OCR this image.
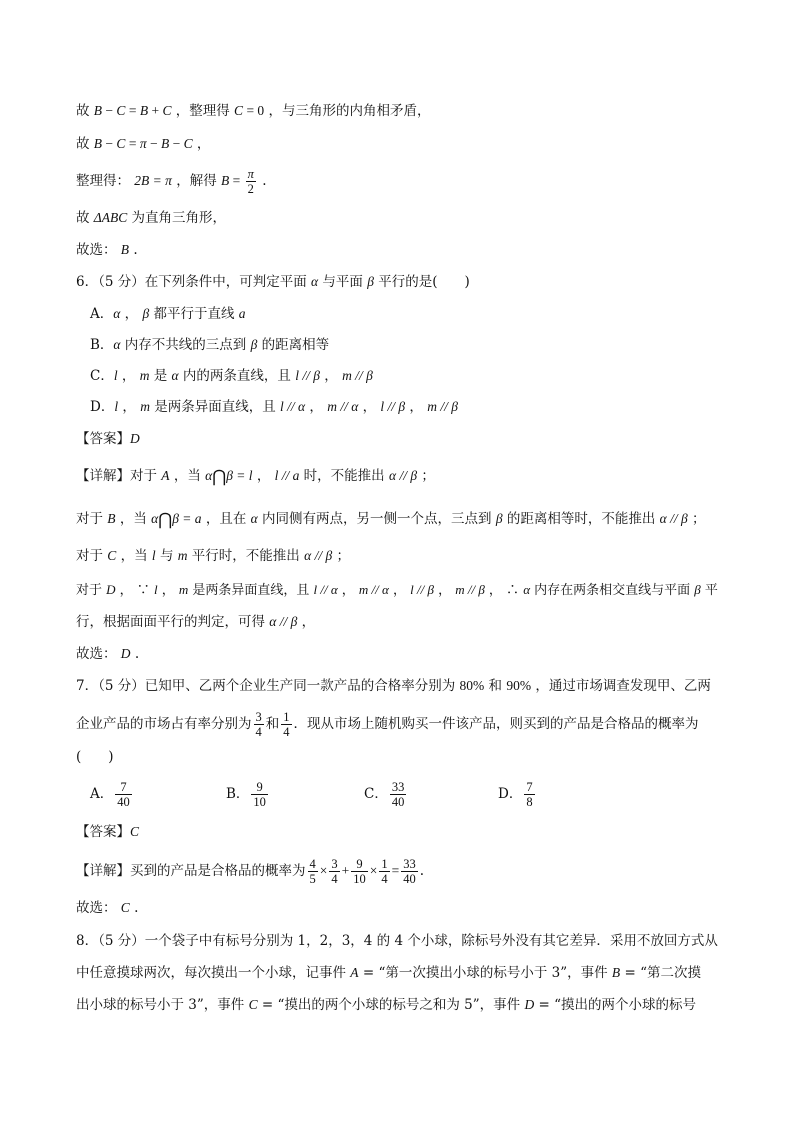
故 B − C = B + C ，整理得 C = 0 ，与三角形的内角相矛盾，
故 B − C = π − B − C ，
整理得： 2B = π ，解得 $B = \frac{\pi}{2}$ .
故 ΔABC 为直角三角形，
故选： B .
6．（5 分）在下列条件中，可判定平面 α 与平面 β 平行的是(　　)
A．α ， β 都平行于直线 a
B．α 内存不共线的三点到 β 的距离相等
C．l ， m 是 α 内的两条直线，且 l // β ， m // β
D．l ， m 是两条异面直线，且 l // α ， m // α ， l // β ， m // β
【答案】D
【详解】对于 A ，当 α⋂β = l ， l // a 时，不能推出 α // β ；
对于 B ，当 α⋂β = a ，且在 α 内同侧有两点，另一侧一个点，三点到 β 的距离相等时，不能推出 α // β ；
对于 C ，当 l 与 m 平行时，不能推出 α // β ；
对于 D ， ∵ l ， m 是两条异面直线，且 l // α ， m // α ， l // β ， m // β ， ∴ α 内存在两条相交直线与平面 β 平
行，根据面面平行的判定，可得 α // β ，
故选： D .
7．（5 分）已知甲、乙两个企业生产同一款产品的合格率分别为 80% 和 90% ，通过市场调查发现甲、乙两
企业产品的市场占有率分别为 $\frac{3}{4}$ 和 $\frac{1}{4}$ ．现从市场上随机购买一件该产品，则买到的产品是合格品的概率为
(　　)
A． $\frac{7}{40}$	B． $\frac{9}{10}$	C． $\frac{33}{40}$	D． $\frac{7}{8}$
【答案】C
【详解】买到的产品是合格品的概率为 $\frac{4}{5} \times \frac{3}{4} + \frac{9}{10} \times \frac{1}{4} = \frac{33}{40}$ .
故选： C .
8．（5 分）一个袋子中有标号分别为 1，2，3，4 的 4 个小球，除标号外没有其它差异．采用不放回方式从
中任意摸球两次，每次摸出一个小球，记事件 A = “第一次摸出小球的标号小于 3”，事件 B = “第二次摸
出小球的标号小于 3”，事件 C = “摸出的两个小球的标号之和为 5”，事件 D = “摸出的两个小球的标号
